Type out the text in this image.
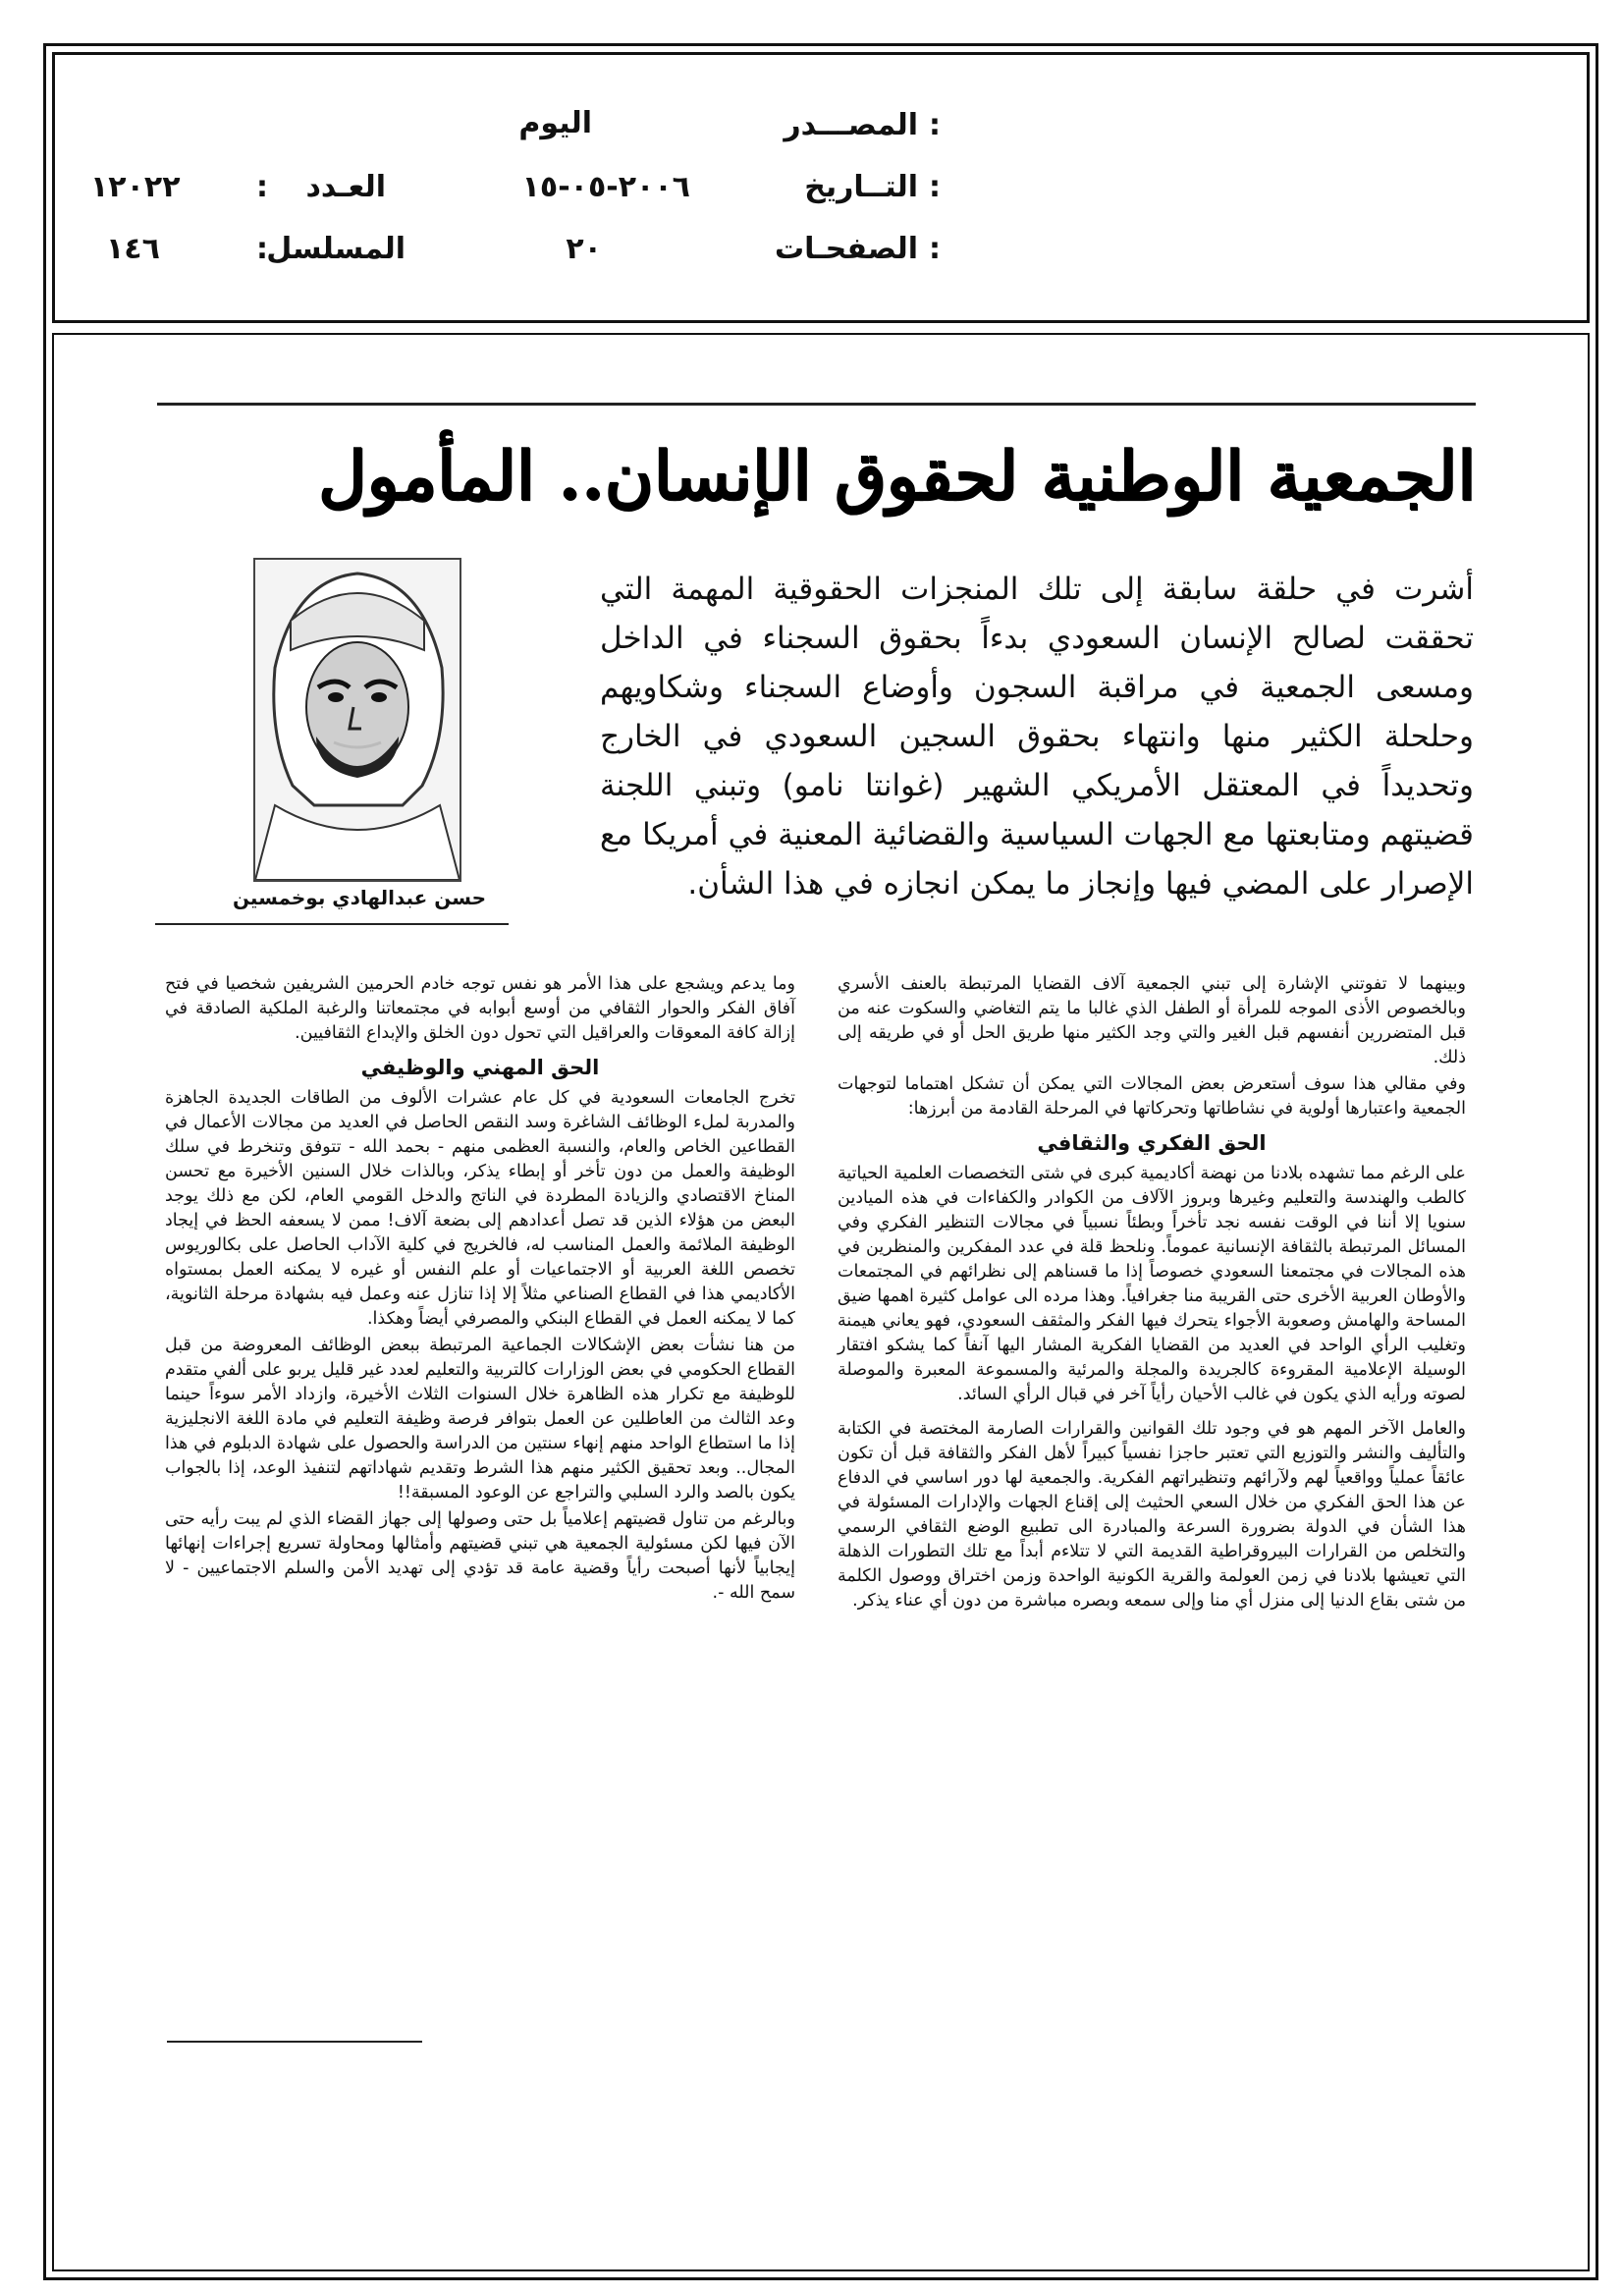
المصـــدر :
اليوم
التــاريخ :
٢٠٠٦-٠٥-١٥
العـدد
:
١٢٠٢٢
الصفحـات :
٢٠
المسلسل
:
١٤٦
الجمعية الوطنية لحقوق الإنسان.. المأمول
حسن عبدالهادي بوخمسين
أشرت في حلقة سابقة إلى تلك المنجزات الحقوقية المهمة التي تحققت لصالح الإنسان السعودي بدءاً بحقوق السجناء في الداخل ومسعى الجمعية في مراقبة السجون وأوضاع السجناء وشكاويهم وحلحلة الكثير منها وانتهاء بحقوق السجين السعودي في الخارج وتحديداً في المعتقل الأمريكي الشهير (غوانتا نامو) وتبني اللجنة قضيتهم ومتابعتها مع الجهات السياسية والقضائية المعنية في أمريكا مع الإصرار على المضي فيها وإنجاز ما يمكن انجازه في هذا الشأن.

وبينهما لا تفوتني الإشارة إلى تبني الجمعية آلاف القضايا المرتبطة بالعنف الأسري وبالخصوص الأذى الموجه للمرأة أو الطفل الذي غالبا ما يتم التغاضي والسكوت عنه من قبل المتضررين أنفسهم قبل الغير والتي وجد الكثير منها طريق الحل أو في طريقه إلى ذلك.

وفي مقالي هذا سوف أستعرض بعض المجالات التي يمكن أن تشكل اهتماما لتوجهات الجمعية واعتبارها أولوية في نشاطاتها وتحركاتها في المرحلة القادمة من أبرزها:

الحق الفكري والثقافي

على الرغم مما تشهده بلادنا من نهضة أكاديمية كبرى في شتى التخصصات العلمية الحياتية كالطب والهندسة والتعليم وغيرها وبروز الآلاف من الكوادر والكفاءات في هذه الميادين سنويا إلا أننا في الوقت نفسه نجد تأخراً وبطئاً نسبياً في مجالات التنظير الفكري وفي المسائل المرتبطة بالثقافة الإنسانية عموماً. ونلحظ قلة في عدد المفكرين والمنظرين في هذه المجالات في مجتمعنا السعودي خصوصاً إذا ما قسناهم إلى نظرائهم في المجتمعات والأوطان العربية الأخرى حتى القريبة منا جغرافياً. وهذا مرده الى عوامل كثيرة اهمها ضيق المساحة والهامش وصعوبة الأجواء يتحرك فيها الفكر والمثقف السعودي، فهو يعاني هيمنة وتغليب الرأي الواحد في العديد من القضايا الفكرية المشار اليها آنفاً كما يشكو افتقار الوسيلة الإعلامية المقروءة كالجريدة والمجلة والمرئية والمسموعة المعبرة والموصلة لصوته ورأيه الذي يكون في غالب الأحيان رأياً آخر في قبال الرأي السائد.

والعامل الآخر المهم هو في وجود تلك القوانين والقرارات الصارمة المختصة في الكتابة والتأليف والنشر والتوزيع التي تعتبر حاجزا نفسياً كبيراً لأهل الفكر والثقافة قبل أن تكون عائقاً عملياً وواقعياً لهم ولآرائهم وتنظيراتهم الفكرية. والجمعية لها دور اساسي في الدفاع عن هذا الحق الفكري من خلال السعي الحثيث إلى إقناع الجهات والإدارات المسئولة في هذا الشأن في الدولة بضرورة السرعة والمبادرة الى تطبيع الوضع الثقافي الرسمي والتخلص من القرارات البيروقراطية القديمة التي لا تتلاءم أبداً مع تلك التطورات الذهلة التي تعيشها بلادنا في زمن العولمة والقرية الكونية الواحدة وزمن اختراق ووصول الكلمة من شتى بقاع الدنيا إلى منزل أي منا وإلى سمعه وبصره مباشرة من دون أي عناء يذكر.

وما يدعم ويشجع على هذا الأمر هو نفس توجه خادم الحرمين الشريفين شخصيا في فتح آفاق الفكر والحوار الثقافي من أوسع أبوابه في مجتمعاتنا والرغبة الملكية الصادقة في إزالة كافة المعوقات والعراقيل التي تحول دون الخلق والإبداع الثقافيين.

الحق المهني والوظيفي

تخرج الجامعات السعودية في كل عام عشرات الألوف من الطاقات الجديدة الجاهزة والمدربة لملء الوظائف الشاغرة وسد النقص الحاصل في العديد من مجالات الأعمال في القطاعين الخاص والعام، والنسبة العظمى منهم - بحمد الله - تتوفق وتنخرط في سلك الوظيفة والعمل من دون تأخر أو إبطاء يذكر، وبالذات خلال السنين الأخيرة مع تحسن المناخ الاقتصادي والزيادة المطردة في الناتج والدخل القومي العام، لكن مع ذلك يوجد البعض من هؤلاء الذين قد تصل أعدادهم إلى بضعة آلاف! ممن لا يسعفه الحظ في إيجاد الوظيفة الملائمة والعمل المناسب له، فالخريج في كلية الآداب الحاصل على بكالوريوس تخصص اللغة العربية أو الاجتماعيات أو علم النفس أو غيره لا يمكنه العمل بمستواه الأكاديمي هذا في القطاع الصناعي مثلاً إلا إذا تنازل عنه وعمل فيه بشهادة مرحلة الثانوية، كما لا يمكنه العمل في القطاع البنكي والمصرفي أيضاً وهكذا.

من هنا نشأت بعض الإشكالات الجماعية المرتبطة ببعض الوظائف المعروضة من قبل القطاع الحكومي في بعض الوزارات كالتربية والتعليم لعدد غير قليل يربو على ألفي متقدم للوظيفة مع تكرار هذه الظاهرة خلال السنوات الثلاث الأخيرة، وازداد الأمر سوءاً حينما وعد الثالث من العاطلين عن العمل بتوافر فرصة وظيفة التعليم في مادة اللغة الانجليزية إذا ما استطاع الواحد منهم إنهاء سنتين من الدراسة والحصول على شهادة الدبلوم في هذا المجال.. وبعد تحقيق الكثير منهم هذا الشرط وتقديم شهاداتهم لتنفيذ الوعد، إذا بالجواب يكون بالصد والرد السلبي والتراجع عن الوعود المسبقة!!

وبالرغم من تناول قضيتهم إعلامياً بل حتى وصولها إلى جهاز القضاء الذي لم يبت رأيه حتى الآن فيها لكن مسئولية الجمعية هي تبني قضيتهم وأمثالها ومحاولة تسريع إجراءات إنهائها إيجابياً لأنها أصبحت رأياً وقضية عامة قد تؤدي إلى تهديد الأمن والسلم الاجتماعيين - لا سمح الله -.
